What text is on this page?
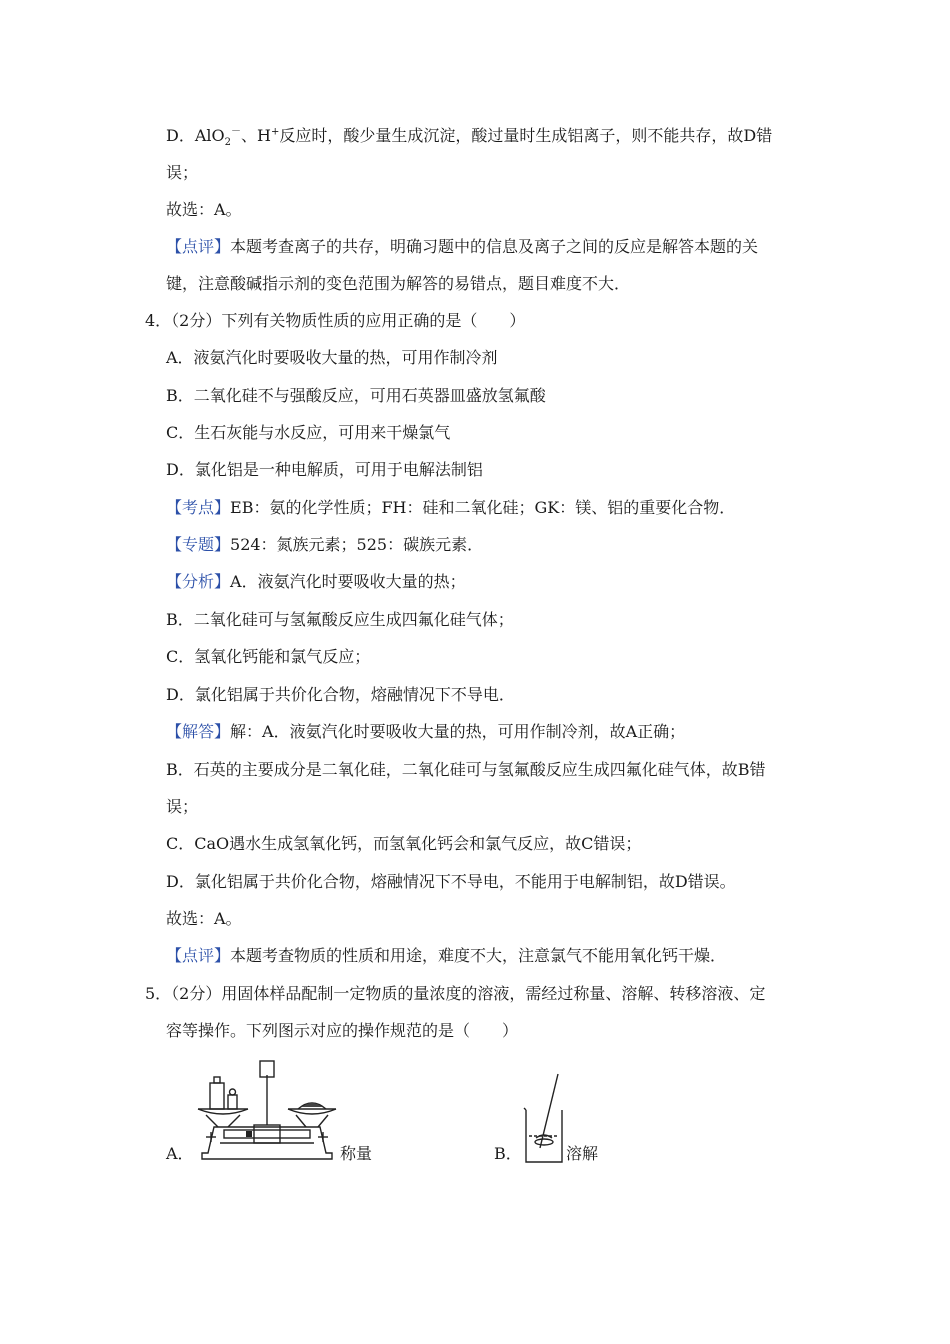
D．AlO$_2$－、H+反应时，酸少量生成沉淀，酸过量时生成铝离子，则不能共存，故D错
误；
故选：A。
【点评】本题考查离子的共存，明确习题中的信息及离子之间的反应是解答本题的关
键，注意酸碱指示剂的变色范围为解答的易错点，题目难度不大．
4．（2分）下列有关物质性质的应用正确的是（　　）
A．液氨汽化时要吸收大量的热，可用作制冷剂
B．二氧化硅不与强酸反应，可用石英器皿盛放氢氟酸
C．生石灰能与水反应，可用来干燥氯气
D．氯化铝是一种电解质，可用于电解法制铝
【考点】EB：氨的化学性质；FH：硅和二氧化硅；GK：镁、铝的重要化合物．
【专题】524：氮族元素；525：碳族元素．
【分析】A．液氨汽化时要吸收大量的热；
B．二氧化硅可与氢氟酸反应生成四氟化硅气体；
C．氢氧化钙能和氯气反应；
D．氯化铝属于共价化合物，熔融情况下不导电．
【解答】解：A．液氨汽化时要吸收大量的热，可用作制冷剂，故A正确；
B．石英的主要成分是二氧化硅，二氧化硅可与氢氟酸反应生成四氟化硅气体，故B错
误；
C．CaO遇水生成氢氧化钙，而氢氧化钙会和氯气反应，故C错误；
D．氯化铝属于共价化合物，熔融情况下不导电，不能用于电解制铝，故D错误。
故选：A。
【点评】本题考查物质的性质和用途，难度不大，注意氯气不能用氧化钙干燥．
5．（2分）用固体样品配制一定物质的量浓度的溶液，需经过称量、溶解、转移溶液、定
容等操作。下列图示对应的操作规范的是（　　）
A．	称量	B．	溶解
